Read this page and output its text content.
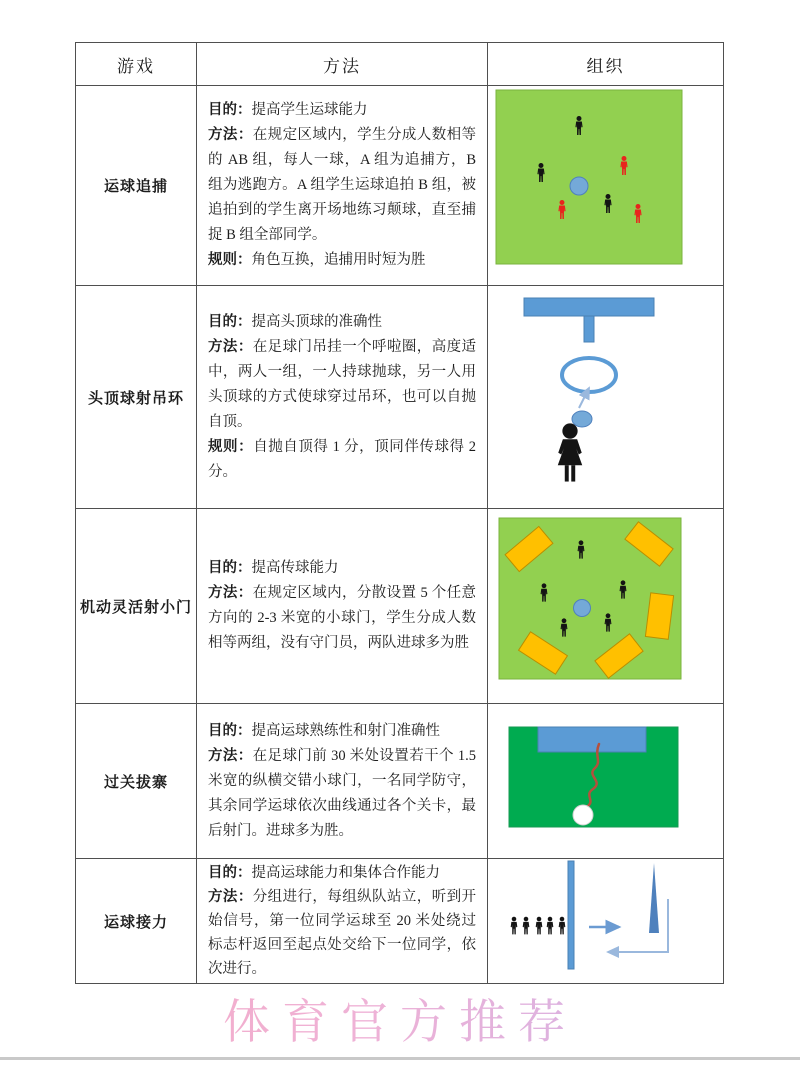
游戏	方法	组织
运球追捕	目的：提高学生运球能力

方法：在规定区域内，学生分成人数相等的 AB 组，每人一球，A 组为追捕方，B 组为逃跑方。A 组学生运球追拍 B 组，被追拍到的学生离开场地练习颠球，直至捕捉 B 组全部同学。

规则：角色互换，追捕用时短为胜

头顶球射吊环	目的：提高头顶球的准确性

方法：在足球门吊挂一个呼啦圈，高度适中，两人一组，一人持球抛球，另一人用头顶球的方式使球穿过吊环，也可以自抛自顶。

规则：自抛自顶得 1 分，顶同伴传球得 2 分。

机动灵活射小门	目的：提高传球能力

方法：在规定区域内，分散设置 5 个任意方向的 2-3 米宽的小球门，学生分成人数相等两组，没有守门员，两队进球多为胜

过关拔寨	目的：提高运球熟练性和射门准确性

方法：在足球门前 30 米处设置若干个 1.5 米宽的纵横交错小球门，一名同学防守，其余同学运球依次曲线通过各个关卡，最后射门。进球多为胜。

运球接力	目的：提高运球能力和集体合作能力

方法：分组进行，每组纵队站立，听到开始信号，第一位同学运球至 20 米处绕过标志杆返回至起点处交给下一位同学，依次进行。

体育官方推荐
